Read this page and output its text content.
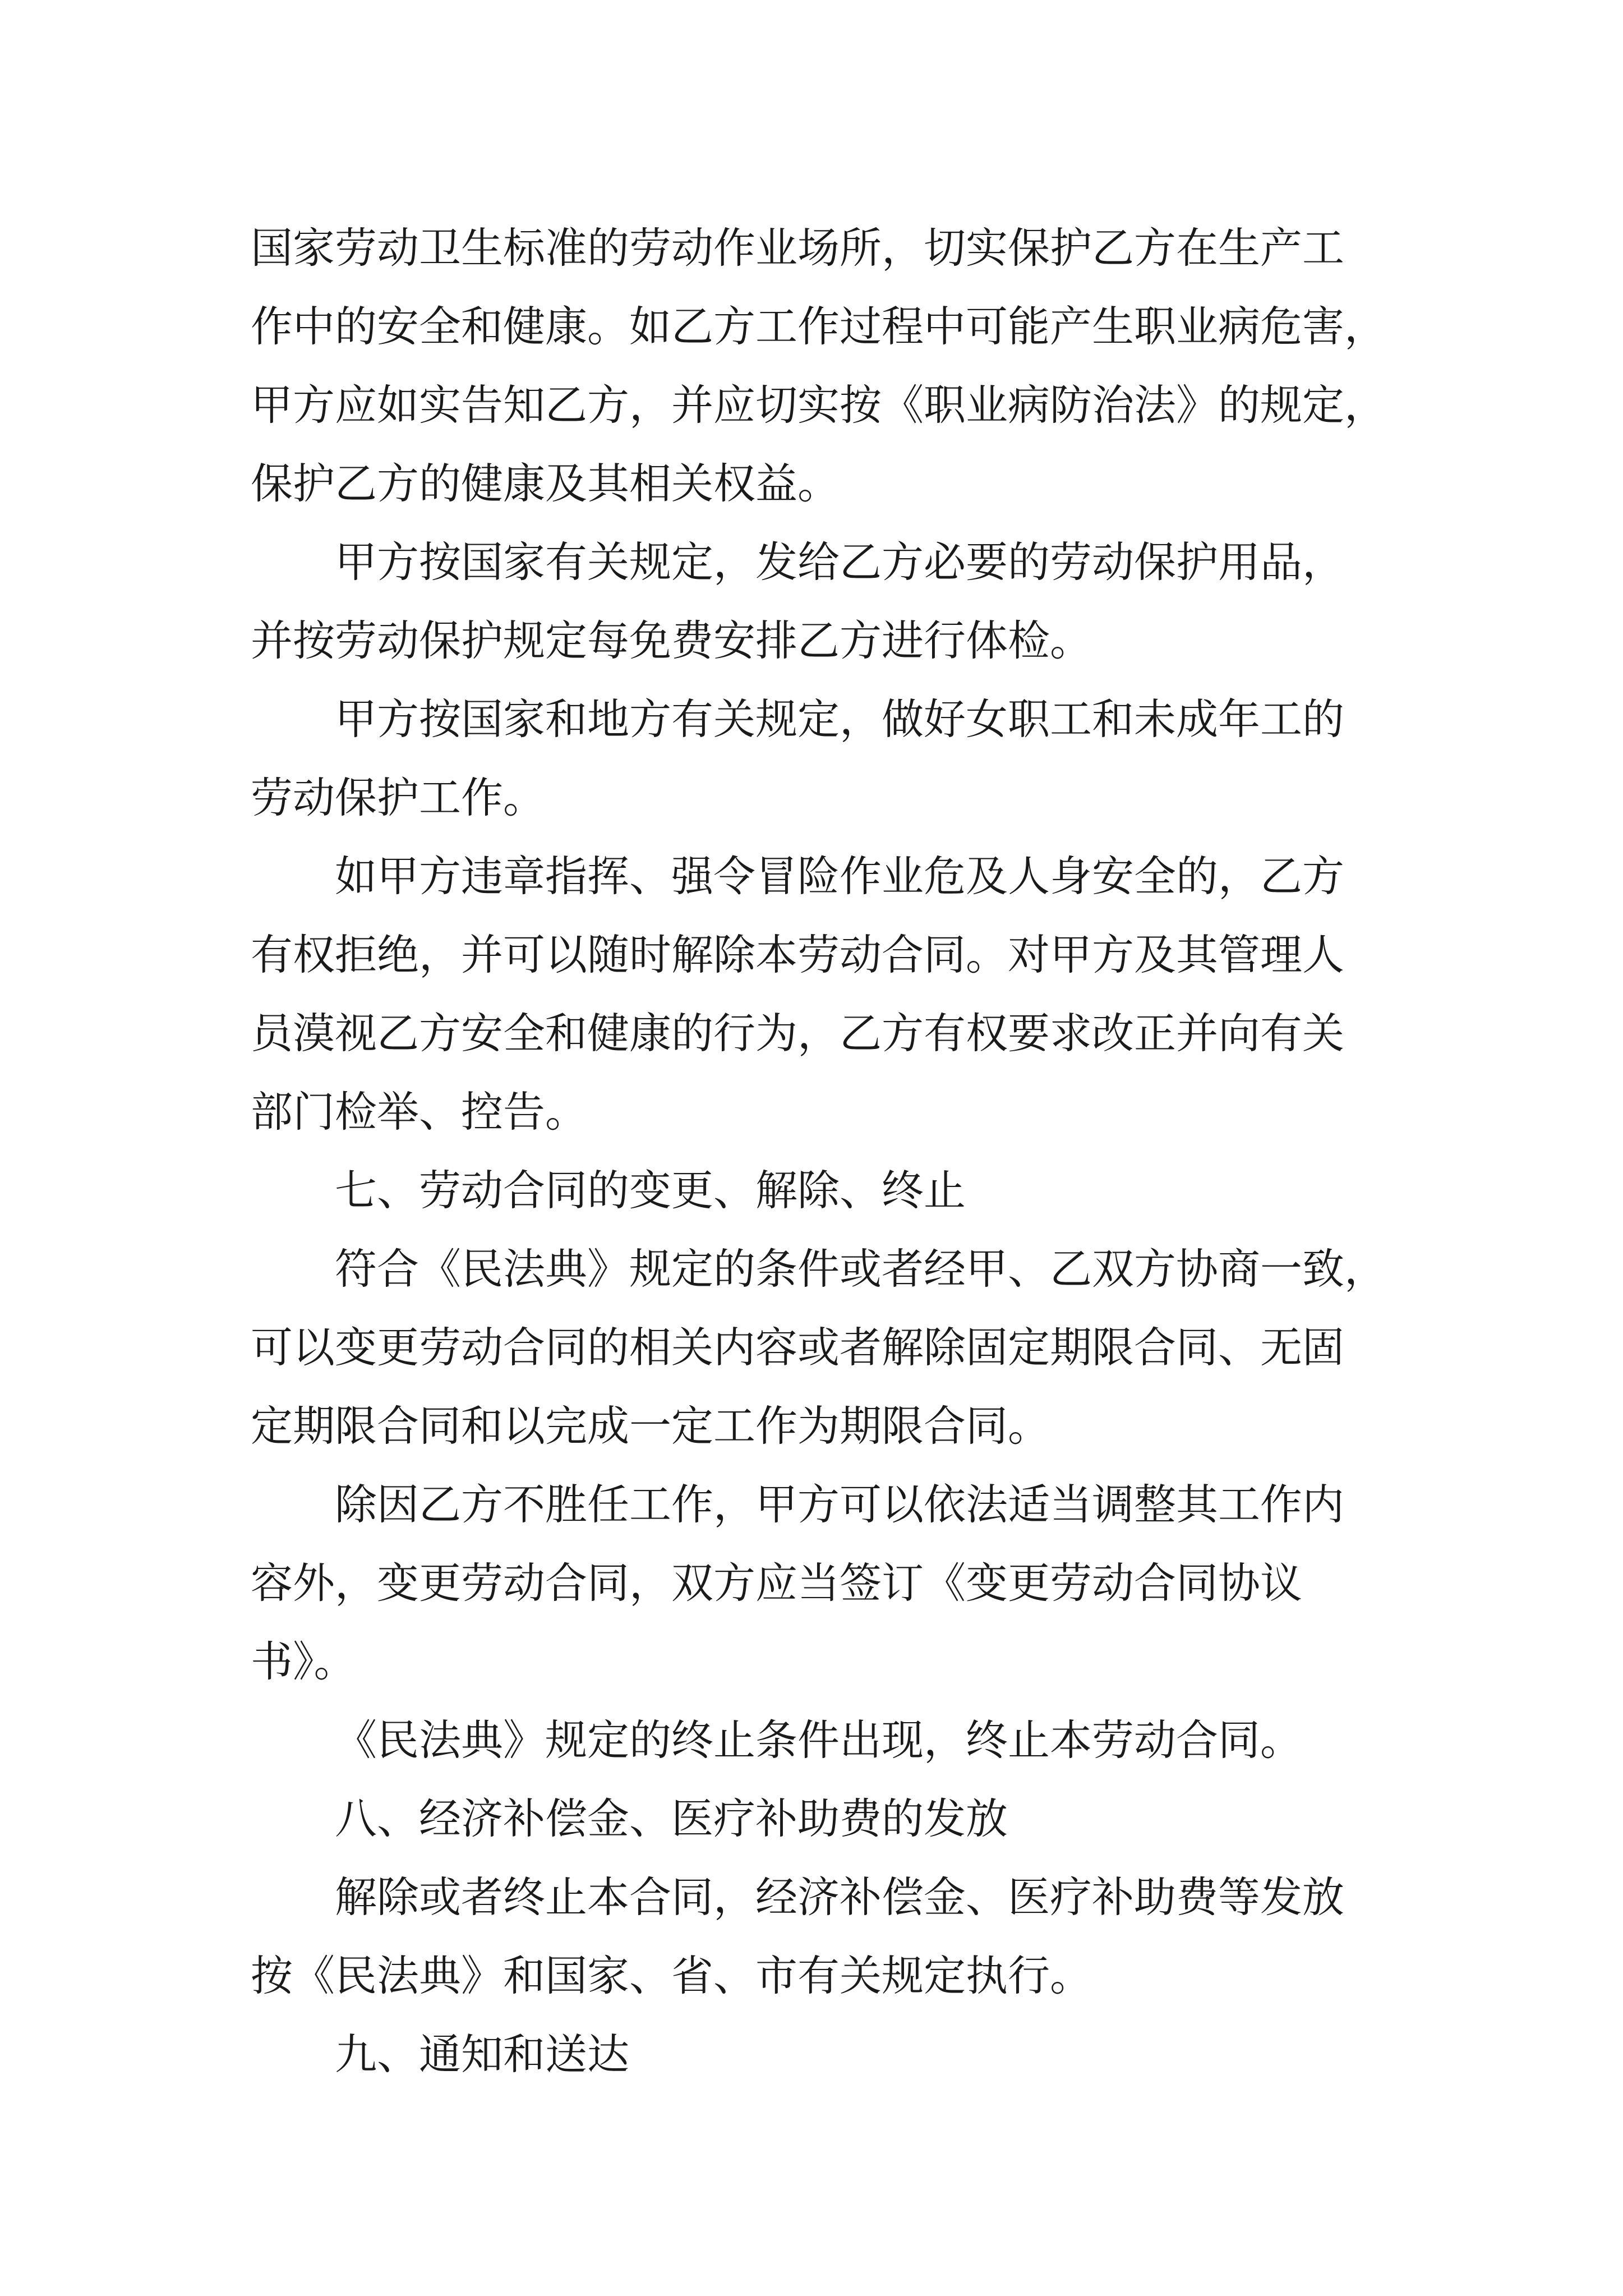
国家劳动卫生标准的劳动作业场所，切实保护乙方在生产工
作中的安全和健康。如乙方工作过程中可能产生职业病危害，
甲方应如实告知乙方，并应切实按《职业病防治法》的规定，
保护乙方的健康及其相关权益。
甲方按国家有关规定，发给乙方必要的劳动保护用品，
并按劳动保护规定每免费安排乙方进行体检。
甲方按国家和地方有关规定，做好女职工和未成年工的
劳动保护工作。
如甲方违章指挥、强令冒险作业危及人身安全的，乙方
有权拒绝，并可以随时解除本劳动合同。对甲方及其管理人
员漠视乙方安全和健康的行为，乙方有权要求改正并向有关
部门检举、控告。
七、劳动合同的变更、解除、终止
符合《民法典》规定的条件或者经甲、乙双方协商一致，
可以变更劳动合同的相关内容或者解除固定期限合同、无固
定期限合同和以完成一定工作为期限合同。
除因乙方不胜任工作，甲方可以依法适当调整其工作内
容外，变更劳动合同，双方应当签订《变更劳动合同协议
书》。
《民法典》规定的终止条件出现，终止本劳动合同。
八、经济补偿金、医疗补助费的发放
解除或者终止本合同，经济补偿金、医疗补助费等发放
按《民法典》和国家、省、市有关规定执行。
九、通知和送达
